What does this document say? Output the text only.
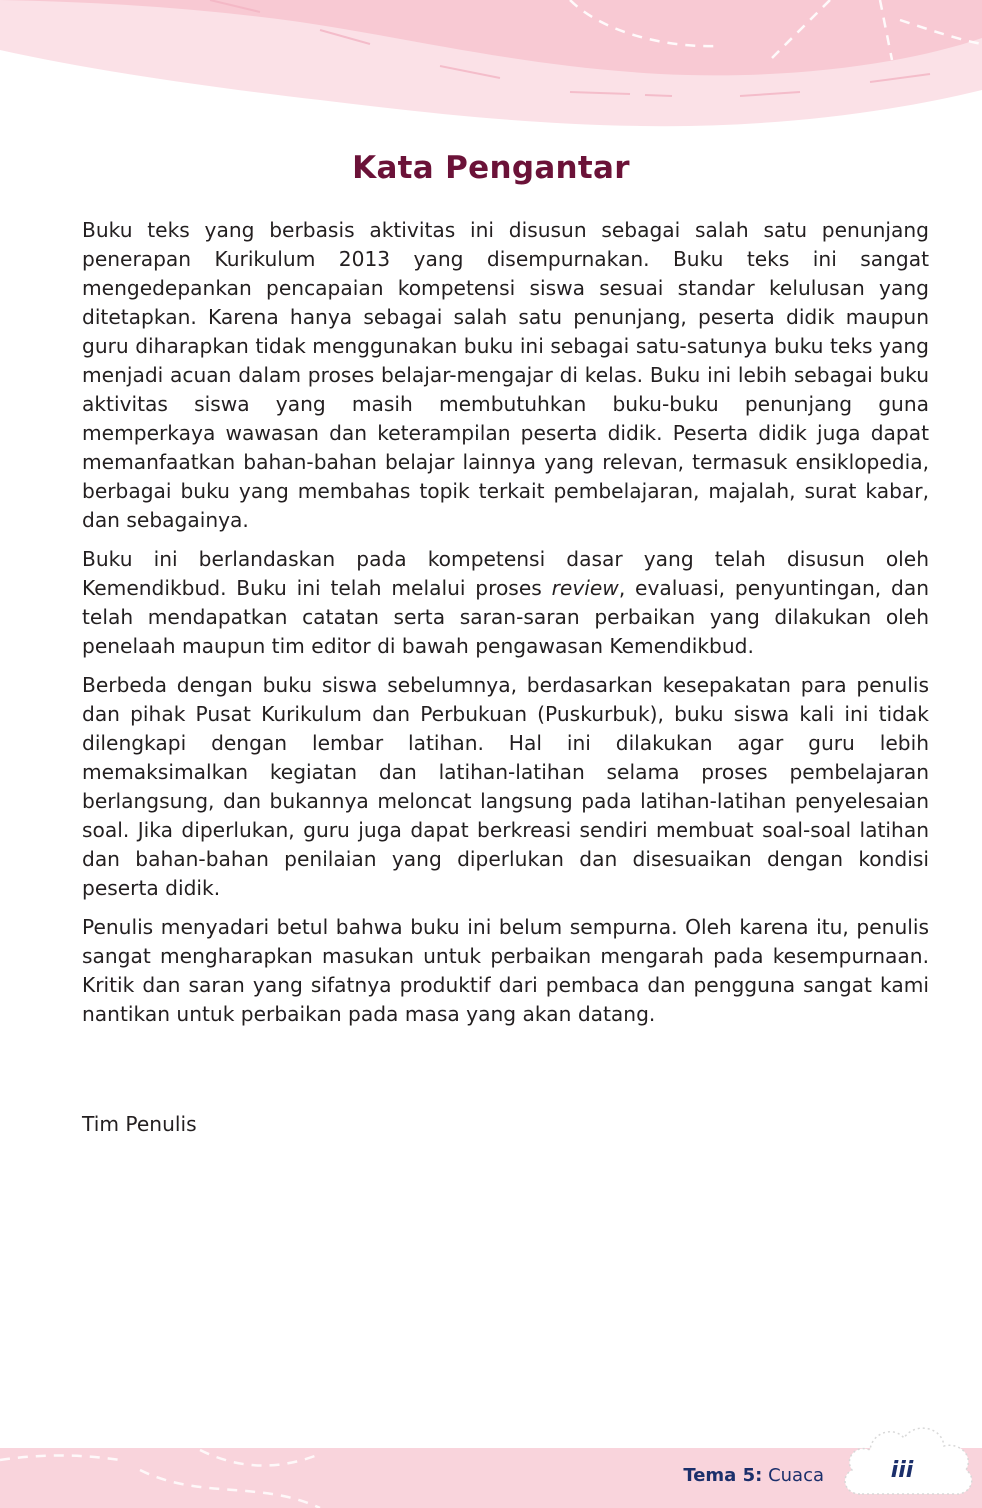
Kata Pengantar

Buku teks yang berbasis aktivitas ini disusun sebagai salah satu penunjang penerapan Kurikulum 2013 yang disempurnakan. Buku teks ini sangat mengedepankan pencapaian kompetensi siswa sesuai standar kelulusan yang ditetapkan. Karena hanya sebagai salah satu penunjang, peserta didik maupun guru diharapkan tidak menggunakan buku ini sebagai satu-satunya buku teks yang menjadi acuan dalam proses belajar-mengajar di kelas. Buku ini lebih sebagai buku aktivitas siswa yang masih membutuhkan buku-buku penunjang guna memperkaya wawasan dan keterampilan peserta didik. Peserta didik juga dapat memanfaatkan bahan-bahan belajar lainnya yang relevan, termasuk ensiklopedia, berbagai buku yang membahas topik terkait pembelajaran, majalah, surat kabar, dan sebagainya.

Buku ini berlandaskan pada kompetensi dasar yang telah disusun oleh Kemendikbud. Buku ini telah melalui proses review, evaluasi, penyuntingan, dan telah mendapatkan catatan serta saran-saran perbaikan yang dilakukan oleh penelaah maupun tim editor di bawah pengawasan Kemendikbud.

Berbeda dengan buku siswa sebelumnya, berdasarkan kesepakatan para penulis dan pihak Pusat Kurikulum dan Perbukuan (Puskurbuk), buku siswa kali ini tidak dilengkapi dengan lembar latihan. Hal ini dilakukan agar guru lebih memaksimalkan kegiatan dan latihan-latihan selama proses pembelajaran berlangsung, dan bukannya meloncat langsung pada latihan-latihan penyelesaian soal. Jika diperlukan, guru juga dapat berkreasi sendiri membuat soal-soal latihan dan bahan-bahan penilaian yang diperlukan dan disesuaikan dengan kondisi peserta didik.

Penulis menyadari betul bahwa buku ini belum sempurna. Oleh karena itu, penulis sangat mengharapkan masukan untuk perbaikan mengarah pada kesempurnaan. Kritik dan saran yang sifatnya produktif dari pembaca dan pengguna sangat kami nantikan untuk perbaikan pada masa yang akan datang.

Tim Penulis
Tema 5: Cuaca	iii
